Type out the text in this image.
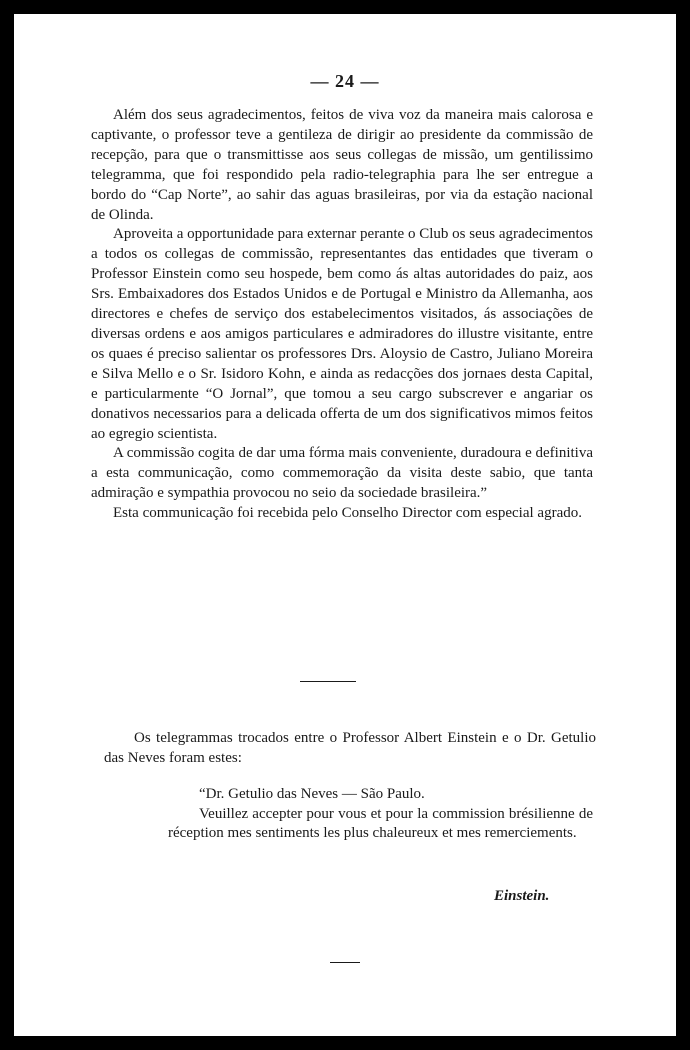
— 24 —

Além dos seus agradecimentos, feitos de viva voz da maneira mais calorosa e captivante, o professor teve a gentileza de dirigir ao presidente da commissão de recepção, para que o transmittisse aos seus collegas de missão, um gentilissimo telegramma, que foi respondido pela radio-telegraphia para lhe ser entregue a bordo do “Cap Norte”, ao sahir das aguas brasileiras, por via da estação nacional de Olinda.

Aproveita a opportunidade para externar perante o Club os seus agradecimentos a todos os collegas de commissão, representantes das entidades que tiveram o Professor Einstein como seu hospede, bem como ás altas autoridades do paiz, aos Srs. Embaixadores dos Estados Unidos e de Portugal e Ministro da Allemanha, aos directores e chefes de serviço dos estabelecimentos visitados, ás associações de diversas ordens e aos amigos particulares e admiradores do illustre visitante, entre os quaes é preciso salientar os professores Drs. Aloysio de Castro, Juliano Moreira e Silva Mello e o Sr. Isidoro Kohn, e ainda as redacções dos jornaes desta Capital, e particularmente “O Jornal”, que tomou a seu cargo subscrever e angariar os donativos necessarios para a delicada offerta de um dos significativos mimos feitos ao egregio scientista.

A commissão cogita de dar uma fórma mais conveniente, duradoura e definitiva a esta communicação, como commemoração da visita deste sabio, que tanta admiração e sympathia provocou no seio da sociedade brasileira.”

Esta communicação foi recebida pelo Conselho Director com especial agrado.

Os telegrammas trocados entre o Professor Albert Einstein e o Dr. Getulio das Neves foram estes:

“Dr. Getulio das Neves — São Paulo.

Veuillez accepter pour vous et pour la commission brésilienne de réception mes sentiments les plus chaleureux et mes remerciements.

Einstein.
